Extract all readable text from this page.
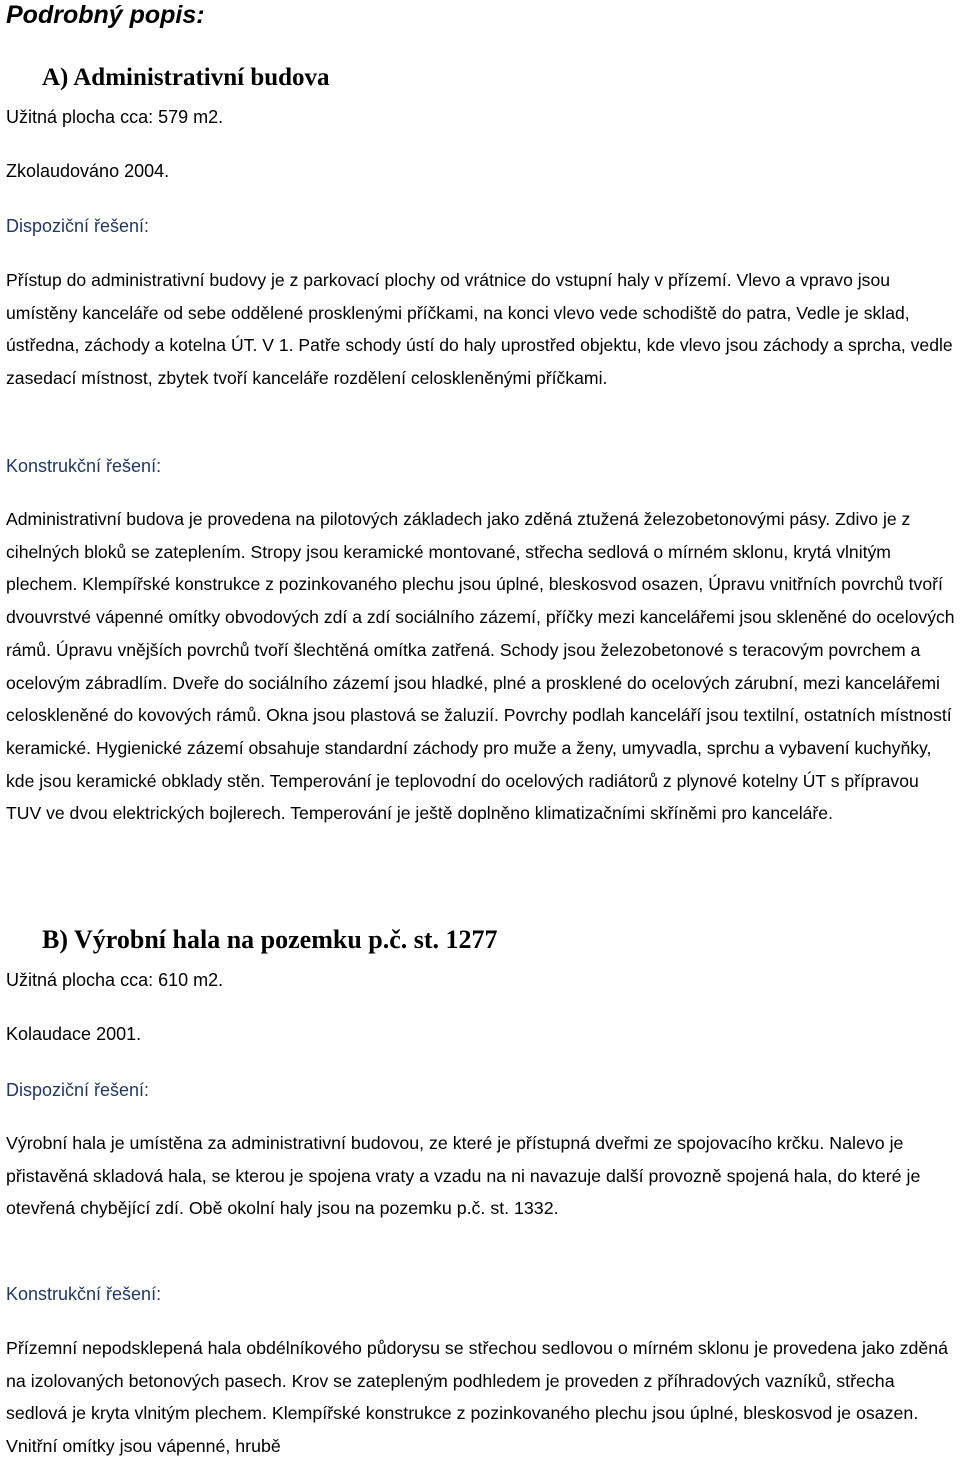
Podrobný popis:
A) Administrativní budova

Užitná plocha cca: 579 m2.

Zkolaudováno 2004.

Dispoziční řešení:

Přístup do administrativní budovy je z parkovací plochy od vrátnice do vstupní haly v přízemí. Vlevo a vpravo jsou umístěny kanceláře od sebe oddělené prosklenými příčkami, na konci vlevo vede schodiště do patra, Vedle je sklad, ústředna, záchody a kotelna ÚT. V 1. Patře schody ústí do haly uprostřed objektu, kde vlevo jsou záchody a sprcha, vedle zasedací místnost, zbytek tvoří kanceláře rozdělení celoskleněnými příčkami.

Konstrukční řešení:

Administrativní budova je provedena na pilotových základech jako zděná ztužená železobetonovými pásy. Zdivo je z cihelných bloků se zateplením. Stropy jsou keramické montované, střecha sedlová o mírném sklonu, krytá vlnitým plechem. Klempířské konstrukce z pozinkovaného plechu jsou úplné, bleskosvod osazen, Úpravu vnitřních povrchů tvoří dvouvrstvé vápenné omítky obvodových zdí a zdí sociálního zázemí, příčky mezi kancelářemi jsou skleněné do ocelových rámů. Úpravu vnějších povrchů tvoří šlechtěná omítka zatřená. Schody jsou železobetonové s teracovým povrchem a ocelovým zábradlím. Dveře do sociálního zázemí jsou hladké, plné a prosklené do ocelových zárubní, mezi kancelářemi celoskleněné do kovových rámů. Okna jsou plastová se žaluzií. Povrchy podlah kanceláří jsou textilní, ostatních místností keramické. Hygienické zázemí obsahuje standardní záchody pro muže a ženy, umyvadla, sprchu a vybavení kuchyňky, kde jsou keramické obklady stěn. Temperování je teplovodní do ocelových radiátorů z plynové kotelny ÚT s přípravou TUV ve dvou elektrických bojlerech. Temperování je ještě doplněno klimatizačními skříněmi pro kanceláře.

B) Výrobní hala na pozemku p.č. st. 1277

Užitná plocha cca: 610 m2.

Kolaudace 2001.

Dispoziční řešení:

Výrobní hala je umístěna za administrativní budovou, ze které je přístupná dveřmi ze spojovacího krčku. Nalevo je přistavěná skladová hala, se kterou je spojena vraty a vzadu na ni navazuje další provozně spojená hala, do které je otevřená chybějící zdí. Obě okolní haly jsou na pozemku p.č. st. 1332.

Konstrukční řešení:

Přízemní nepodsklepená hala obdélníkového půdorysu se střechou sedlovou o mírném sklonu je provedena jako zděná na izolovaných betonových pasech. Krov se zatepleným podhledem je proveden z příhradových vazníků, střecha sedlová je kryta vlnitým plechem. Klempířské konstrukce z pozinkovaného plechu jsou úplné, bleskosvod je osazen. Vnitřní omítky jsou vápenné, hrubě
